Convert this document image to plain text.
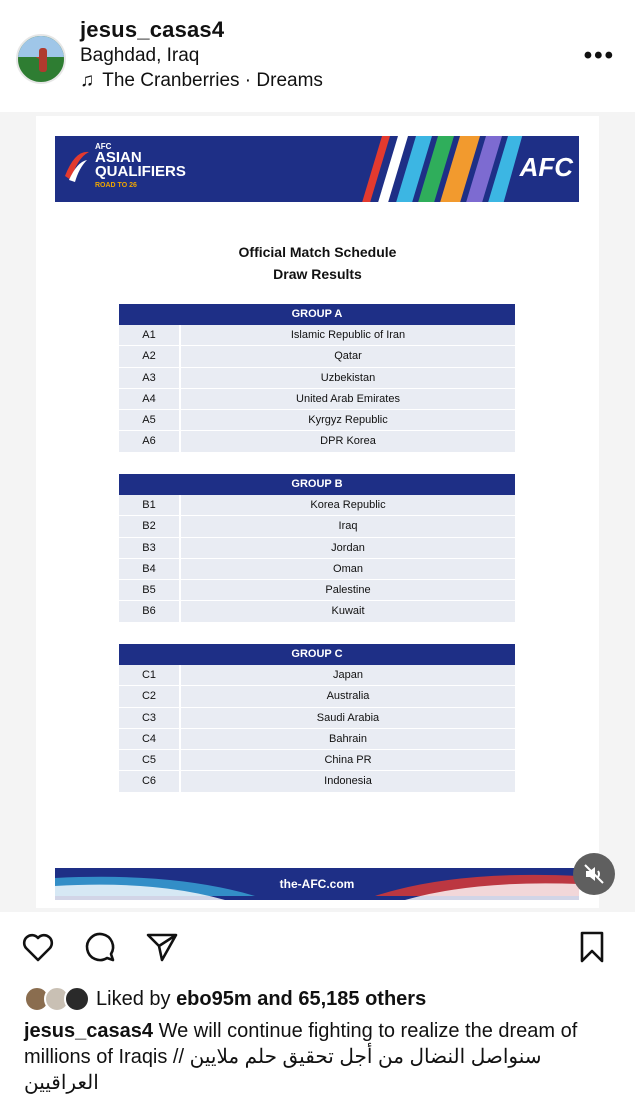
jesus_casas4
Baghdad, Iraq
♫ The Cranberries · Dreams
•••
AFC
ASIAN
QUALIFIERS
ROAD TO 26
AFC
Official Match Schedule
Draw Results
GROUP A
A1	Islamic Republic of Iran
A2	Qatar
A3	Uzbekistan
A4	United Arab Emirates
A5	Kyrgyz Republic
A6	DPR Korea
GROUP B
B1	Korea Republic
B2	Iraq
B3	Jordan
B4	Oman
B5	Palestine
B6	Kuwait
GROUP C
C1	Japan
C2	Australia
C3	Saudi Arabia
C4	Bahrain
C5	China PR
C6	Indonesia
the-AFC.com
Liked by ebo95m and 65,185 others
jesus_casas4 We will continue fighting to realize the dream of millions of Iraqis // سنواصل النضال من أجل تحقيق حلم ملايين العراقيين
